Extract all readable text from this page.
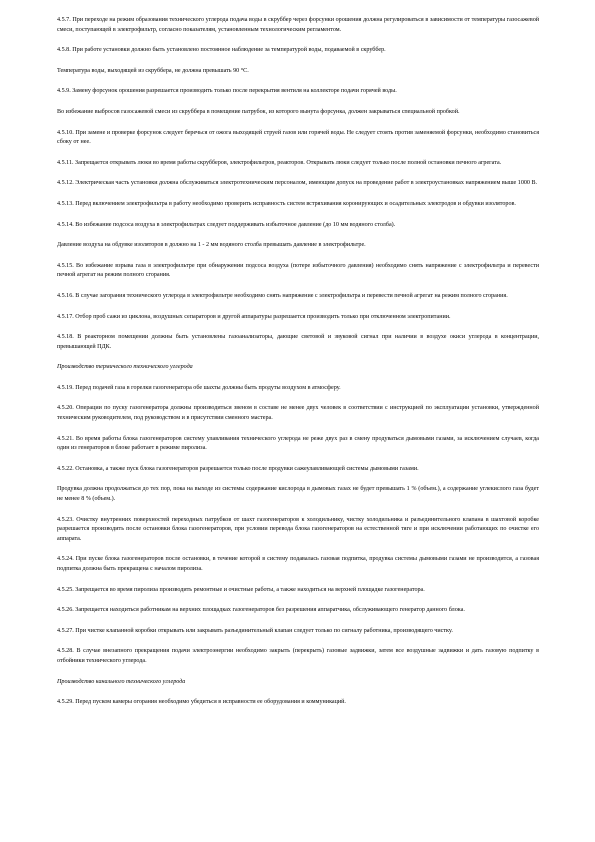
4.5.7. При переходе на режим образования технического углерода подача воды в скруббер через форсунки орошения должна регулироваться в зависимости от температуры газосажевой смеси, поступающей в электрофильтр, согласно показателям, установленным технологическим регламентом.

4.5.8. При работе установки должно быть установлено постоянное наблюдение за температурой воды, подаваемой в скруббер.

Температура воды, выходящей из скруббера, не должна превышать 90 °С.

4.5.9. Замену форсунок орошения разрешается производить только после перекрытия вентиля на коллекторе подачи горячей воды.

Во избежание выбросов газосажевой смеси из скруббера в помещение патрубок, из которого вынута форсунка, должен закрываться специальной пробкой.

4.5.10. При замене и проверке форсунок следует беречься от ожога выходящей струей газов или горячей воды. Не следует стоять против заменяемой форсунки, необходимо становиться сбоку от нее.

4.5.11. Запрещается открывать люки во время работы скрубберов, электрофильтров, реакторов. Открывать люки следует только после полной остановки печного агрегата.

4.5.12. Электрическая часть установки должна обслуживаться электротехническим персоналом, имеющим допуск на проведение работ в электроустановках напряжением выше 1000 В.

4.5.13. Перед включением электрофильтра в работу необходимо проверить исправность систем встряхивания коронирующих и осадительных электродов и обдувки изоляторов.

4.5.14. Во избежание подсоса воздуха в электрофильтрах следует поддерживать избыточное давление (до 10 мм водяного столба).

Давление воздуха на обдувке изоляторов в должно на 1 - 2 мм водяного столба превышать давление в электрофильтре.

4.5.15. Во избежание взрыва газа в электрофильтре при обнаружении подсоса воздуха (потере избыточного давления) необходимо снять напряжение с электрофильтра и перевести печной агрегат на режим полного сгорания.

4.5.16. В случае загорания технического углерода в электрофильтре необходимо снять напряжение с электрофильтра и перевести печной агрегат на режим полного сгорания.

4.5.17. Отбор проб сажи из циклона, воздушных сепараторов и другой аппаратуры разрешается производить только при отключенном электропитании.

4.5.18. В реакторном помещении должны быть установлены газоанализаторы, дающие световой и звуковой сигнал при наличии в воздухе окиси углерода в концентрации, превышающей ПДК.

Производство термического технического углерода

4.5.19. Перед подачей газа в горелки газогенератора обе шахты должны быть продуты воздухом в атмосферу.

4.5.20. Операции по пуску газогенератора должны производиться звеном в составе не менее двух человек в соответствии с инструкцией по эксплуатации установки, утвержденной техническим руководителем, под руководством и в присутствии сменного мастера.

4.5.21. Во время работы блока газогенераторов систему улавливания технического углерода не реже двух раз в смену продуваться дымовыми газами, за исключением случаев, когда один из генераторов в блоке работает в режиме пиролиза.

4.5.22. Остановка, а также пуск блока газогенераторов разрешается только после продувки сажеулавливающей системы дымовыми газами.

Продувка должна продолжаться до тех пор, пока на выходе из системы содержание кислорода в дымовых газах не будет превышать 1 % (объем.), а содержание углекислого газа будет не менее 8 % (объем.).

4.5.23. Очистку внутренних поверхностей переходных патрубков от шахт газогенераторов к холодильнику, чистку холодильника и разъединительного клапана в шахтовой коробке разрешается производить после остановки блока газогенераторов, при условии перевода блока газогенераторов на естественной тяге и при исключении работающих по очистке его аппарата.

4.5.24. При пуске блока газогенераторов после остановки, в течение которой в систему подавалась газовая подпитка, продувка системы дымовыми газами не производится, а газовая подпитка должна быть прекращена с началом пиролиза.

4.5.25. Запрещается во время пиролиза производить ремонтные и очистные работы, а также находиться на верхней площадке газогенератора.

4.5.26. Запрещается находиться работникам на верхних площадках газогенераторов без разрешения аппаратчика, обслуживающего генератор данного блока.

4.5.27. При чистке клапанной коробки открывать или закрывать разъединительный клапан следует только по сигналу работника, производящего чистку.

4.5.28. В случае внезапного прекращения подачи электроэнергии необходимо закрыть (перекрыть) газовые задвижки, затем все воздушные задвижки и дать газовую подпитку в отбойники технического углерода.

Производство канального технического углерода

4.5.29. Перед пуском камеры огорания необходимо убедиться в исправности ее оборудования и коммуникаций.
